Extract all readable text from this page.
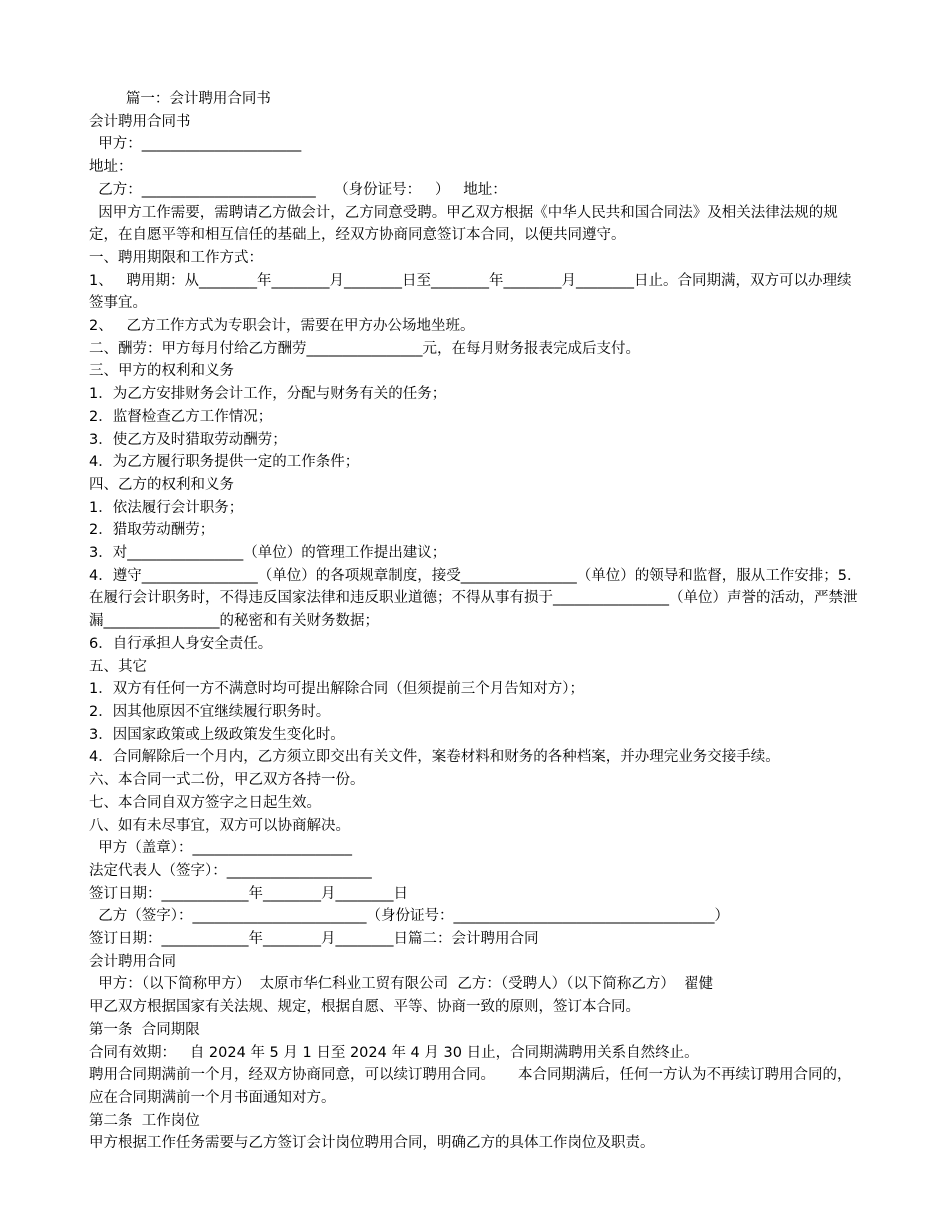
篇一：会计聘用合同书
会计聘用合同书
甲方：______________________
地址：
乙方：________________________    （身份证号：   ）   地址：
因甲方工作需要，需聘请乙方做会计，乙方同意受聘。甲乙双方根据《中华人民共和国合同法》及相关法律法规的规定，在自愿平等和相互信任的基础上，经双方协商同意签订本合同，以便共同遵守。
一、聘用期限和工作方式：
1、   聘用期：从________年________月________日至________年________月________日止。合同期满，双方可以办理续签事宜。
2、   乙方工作方式为专职会计，需要在甲方办公场地坐班。
二、酬劳：甲方每月付给乙方酬劳________________元，在每月财务报表完成后支付。
三、甲方的权利和义务
1．为乙方安排财务会计工作，分配与财务有关的任务；
2．监督检查乙方工作情况；
3．使乙方及时猎取劳动酬劳；
4．为乙方履行职务提供一定的工作条件；
四、乙方的权利和义务
1．依法履行会计职务；
2．猎取劳动酬劳；
3．对________________（单位）的管理工作提出建议；
4．遵守________________（单位）的各项规章制度，接受________________（单位）的领导和监督，服从工作安排；5．在履行会计职务时，不得违反国家法律和违反职业道德；不得从事有损于________________（单位）声誉的活动，严禁泄漏________________的秘密和有关财务数据；
6．自行承担人身安全责任。
五、其它
1．双方有任何一方不满意时均可提出解除合同（但须提前三个月告知对方）；
2．因其他原因不宜继续履行职务时。
3．因国家政策或上级政策发生变化时。
4．合同解除后一个月内，乙方须立即交出有关文件，案卷材料和财务的各种档案，并办理完业务交接手续。
六、本合同一式二份，甲乙双方各持一份。
七、本合同自双方签字之日起生效。
八、如有未尽事宜，双方可以协商解决。
甲方（盖章）：______________________
法定代表人（签字）：____________________
签订日期：____________年________月________日
乙方（签字）：________________________（身份证号：____________________________________）
签订日期：____________年________月________日篇二：会计聘用合同
会计聘用合同
甲方：（以下简称甲方）  太原市华仁科业工贸有限公司  乙方：（受聘人）（以下简称乙方）  翟健
甲乙双方根据国家有关法规、规定，根据自愿、平等、协商一致的原则，签订本合同。
第一条  合同期限
合同有效期：   自 2024 年 5 月 1 日至 2024 年 4 月 30 日止，合同期满聘用关系自然终止。
聘用合同期满前一个月，经双方协商同意，可以续订聘用合同。     本合同期满后，任何一方认为不再续订聘用合同的，应在合同期满前一个月书面通知对方。
第二条  工作岗位
甲方根据工作任务需要与乙方签订会计岗位聘用合同，明确乙方的具体工作岗位及职责。
